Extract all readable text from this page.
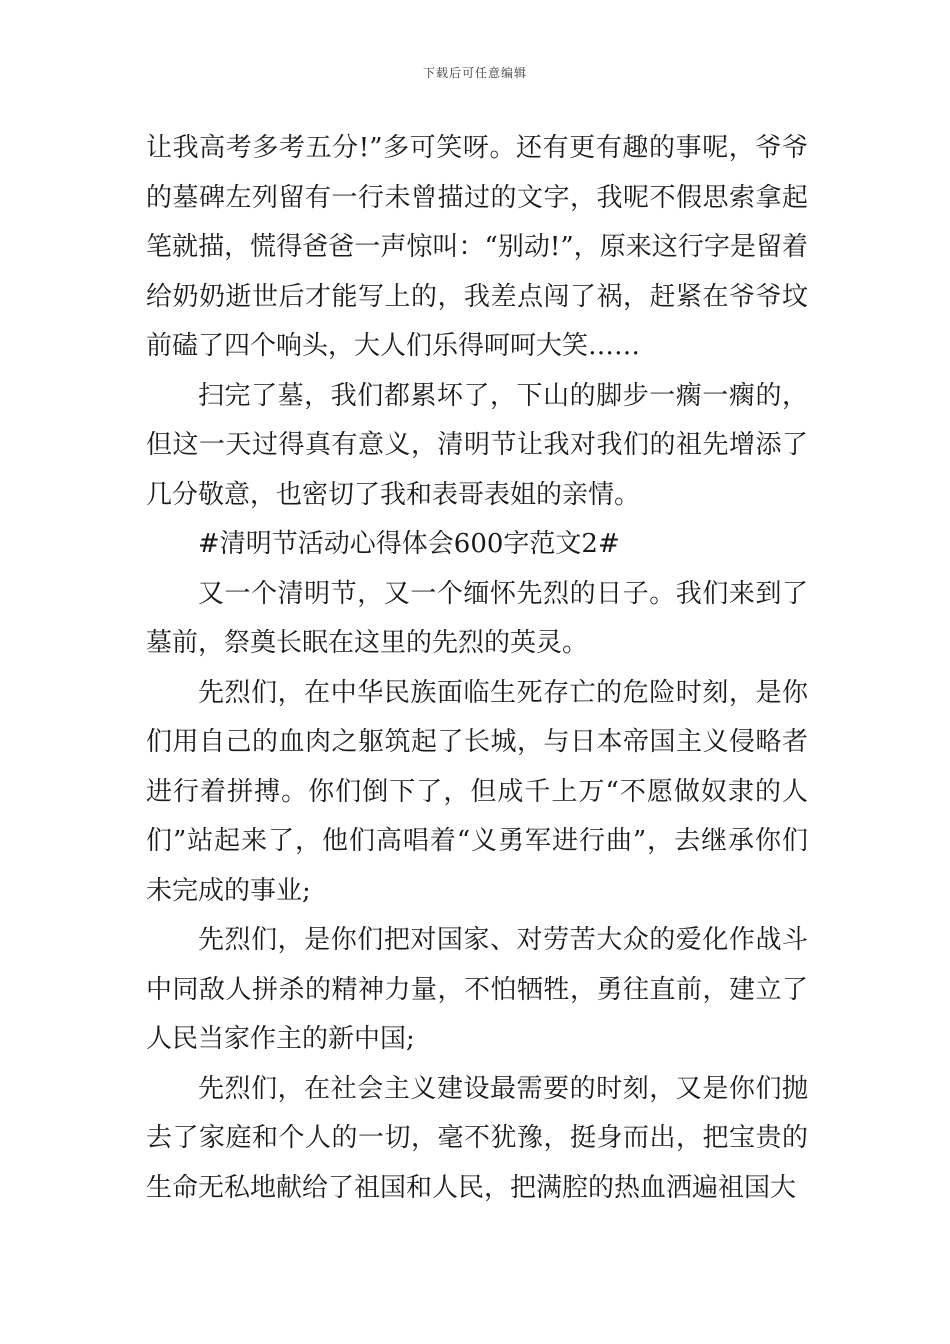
下载后可任意编辑

让我高考多考五分!”多可笑呀。还有更有趣的事呢，爷爷的墓碑左列留有一行未曾描过的文字，我呢不假思索拿起笔就描，慌得爸爸一声惊叫：“别动!”，原来这行字是留着给奶奶逝世后才能写上的，我差点闯了祸，赶紧在爷爷坟前磕了四个响头，大人们乐得呵呵大笑……

扫完了墓，我们都累坏了，下山的脚步一瘸一瘸的，但这一天过得真有意义，清明节让我对我们的祖先增添了几分敬意，也密切了我和表哥表姐的亲情。

#清明节活动心得体会600字范文2#

又一个清明节，又一个缅怀先烈的日子。我们来到了墓前，祭奠长眠在这里的先烈的英灵。

先烈们，在中华民族面临生死存亡的危险时刻，是你们用自己的血肉之躯筑起了长城，与日本帝国主义侵略者进行着拼搏。你们倒下了，但成千上万“不愿做奴隶的人们”站起来了，他们高唱着“义勇军进行曲”，去继承你们未完成的事业;

先烈们，是你们把对国家、对劳苦大众的爱化作战斗中同敌人拼杀的精神力量，不怕牺牲，勇往直前，建立了人民当家作主的新中国;

先烈们，在社会主义建设最需要的时刻，又是你们抛去了家庭和个人的一切，毫不犹豫，挺身而出，把宝贵的生命无私地献给了祖国和人民，把满腔的热血洒遍祖国大
